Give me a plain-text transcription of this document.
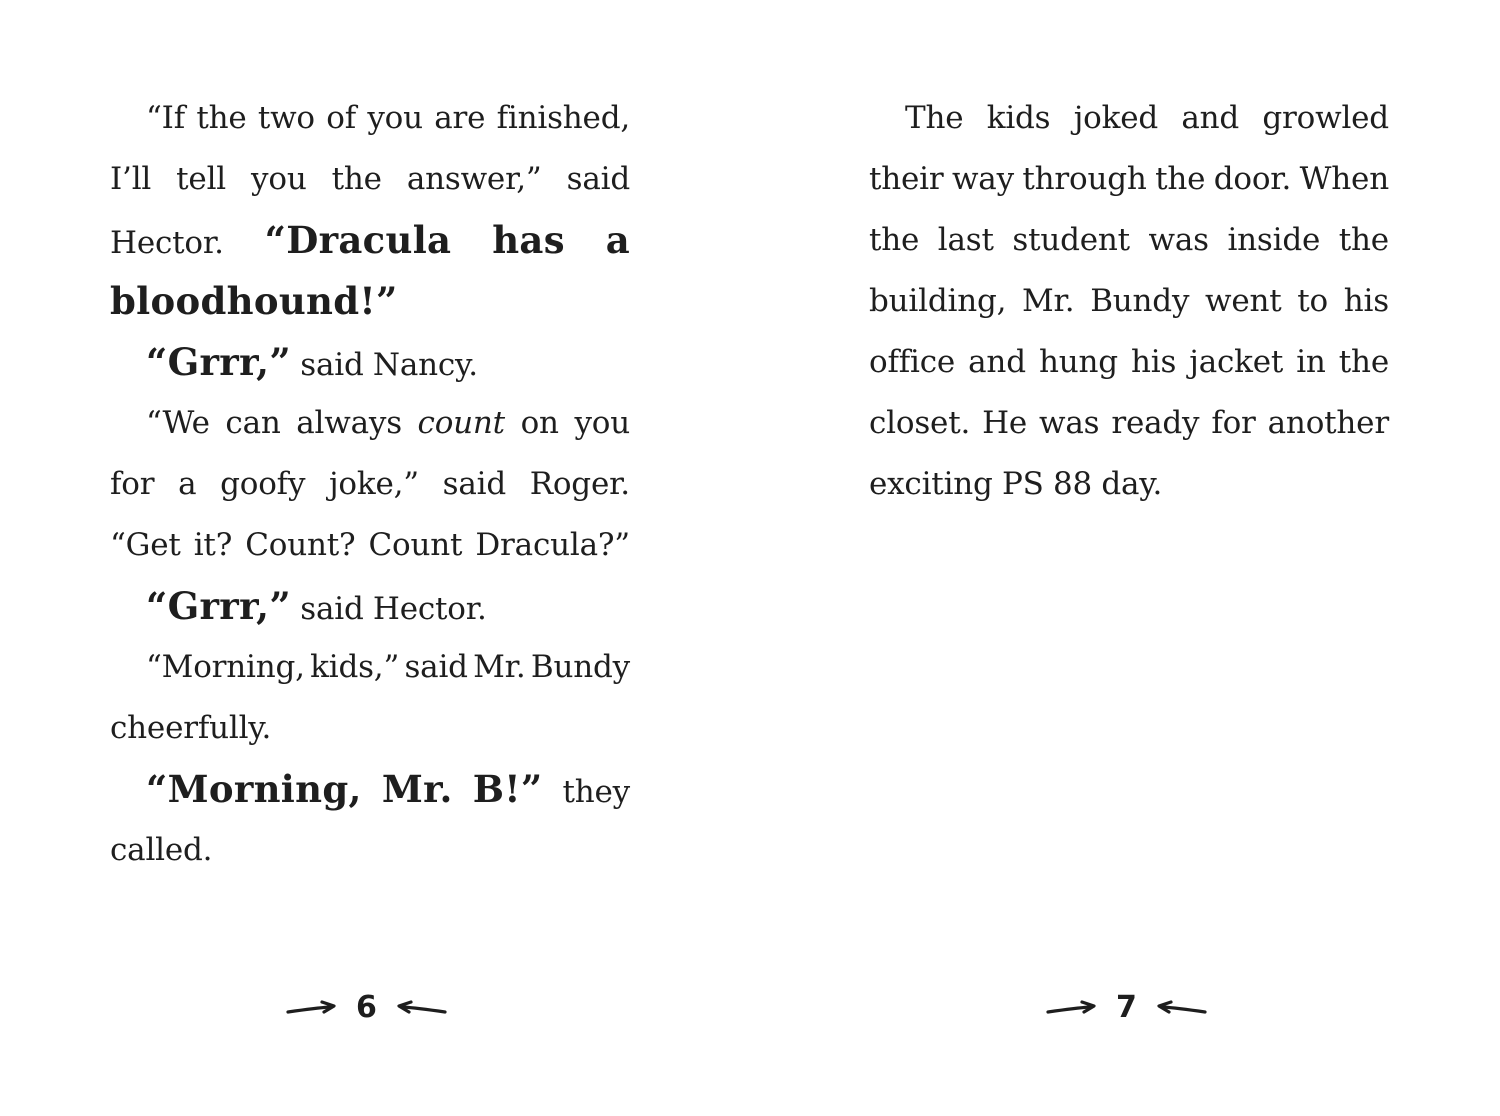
“If the two of you are finished,
I’ll tell you the answer,” said
Hector. “Dracula has a
bloodhound!”
“Grrr,” said Nancy.
“We can always count on you
for a goofy joke,” said Roger.
“Get it? Count? Count Dracula?”
“Grrr,” said Hector.
“Morning, kids,” said Mr. Bundy
cheerfully.
“Morning, Mr. B!” they
called.
The kids joked and growled
their way through the door. When
the last student was inside the
building, Mr. Bundy went to his
office and hung his jacket in the
closet. He was ready for another
exciting PS 88 day.
6	7
